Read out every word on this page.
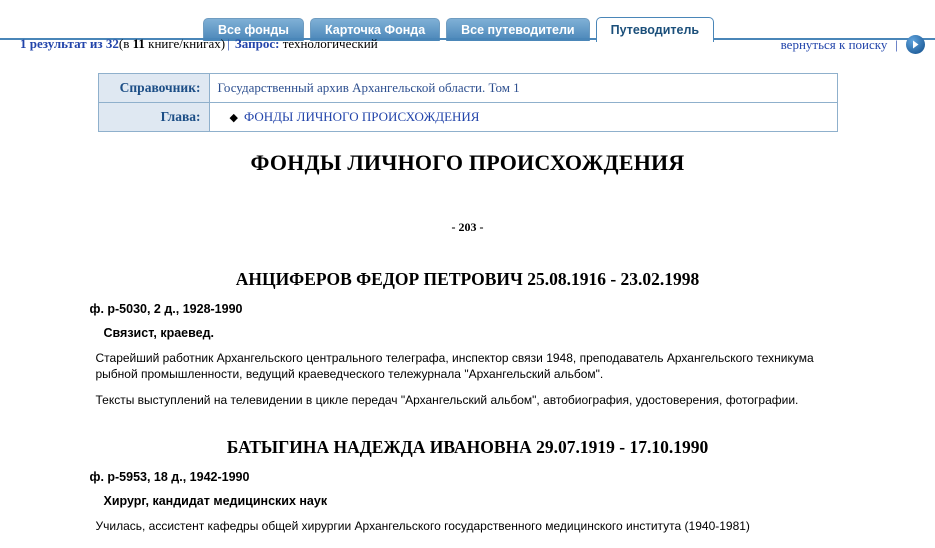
Все фонды	Карточка Фонда	Все путеводители	Путеводитель
1 результат из 32(в 11 книге/книгах) | Запрос: технологический	вернуться к поиску |
Справочник:	Государственный архив Архангельской области. Том 1
Глава:	◆ ФОНДЫ ЛИЧНОГО ПРОИСХОЖДЕНИЯ
ФОНДЫ ЛИЧНОГО ПРОИСХОЖДЕНИЯ
- 203 -
АНЦИФЕРОВ ФЕДОР ПЕТРОВИЧ 25.08.1916 - 23.02.1998
ф. р-5030, 2 д., 1928-1990
Связист, краевед.
Старейший работник Архангельского центрального телеграфа, инспектор связи 1948, преподаватель Архангельского техникума рыбной промышленности, ведущий краеведческого тележурнала "Архангельский альбом".
Тексты выступлений на телевидении в цикле передач "Архангельский альбом", автобиография, удостоверения, фотографии.
БАТЫГИНА НАДЕЖДА ИВАНОВНА 29.07.1919 - 17.10.1990
ф. р-5953, 18 д., 1942-1990
Хирург, кандидат медицинских наук
Училась, ассистент кафедры общей хирургии Архангельского государственного медицинского института (1940-1981)
